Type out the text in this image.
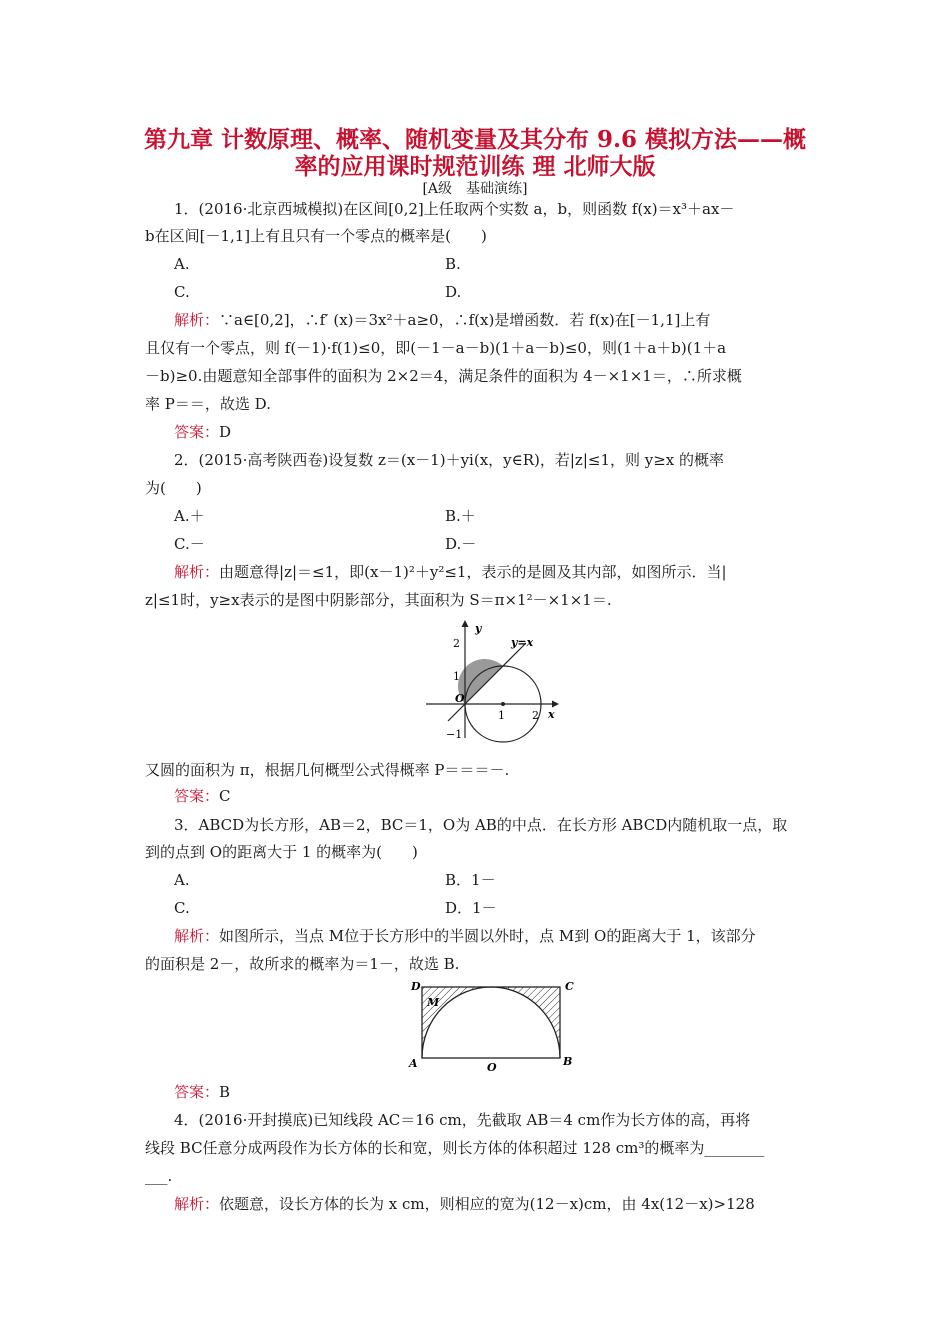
第九章 计数原理、概率、随机变量及其分布 9.6 模拟方法——概
率的应用课时规范训练 理 北师大版

[A级　基础演练]

1．(2016·北京西城模拟)在区间[0,2]上任取两个实数 a，b，则函数 f(x)＝x³＋ax－

b在区间[－1,1]上有且只有一个零点的概率是(　　)

A.	B.

C.	D.

解析：∵a∈[0,2]，∴f′ (x)＝3x²＋a≥0，∴f(x)是增函数．若 f(x)在[－1,1]上有

且仅有一个零点，则 f(－1)·f(1)≤0，即(－1－a－b)(1＋a－b)≤0，则(1＋a＋b)(1＋a

－b)≥0.由题意知全部事件的面积为 2×2＝4，满足条件的面积为 4－×1×1＝，∴所求概

率 P＝＝，故选 D.

答案：D

2．(2015·高考陕西卷)设复数 z＝(x－1)＋yi(x，y∈R)，若|z|≤1，则 y≥x 的概率

为(　　)

A.＋	B.＋

C.－	D.－

解析：由题意得|z|＝≤1，即(x－1)²＋y²≤1，表示的是圆及其内部，如图所示．当|

z|≤1时，y≥x表示的是图中阴影部分，其面积为 S＝π×1²－×1×1＝.

y
y=x
2
1
O
−1
1 2 x

又圆的面积为 π，根据几何概型公式得概率 P＝＝＝－.

答案：C

3．ABCD为长方形，AB＝2，BC＝1，O为 AB的中点．在长方形 ABCD内随机取一点，取

到的点到 O的距离大于 1 的概率为(　　)

A.	B．1－

C.	D．1－

解析：如图所示，当点 M位于长方形中的半圆以外时，点 M到 O的距离大于 1，该部分

的面积是 2－，故所求的概率为＝1－，故选 B.

D	C
M
A	O	B

答案：B

4．(2016·开封摸底)已知线段 AC＝16 cm，先截取 AB＝4 cm作为长方体的高，再将

线段 BC任意分成两段作为长方体的长和宽，则长方体的体积超过 128 cm³的概率为________

___.

解析：依题意，设长方体的长为 x cm，则相应的宽为(12－x)cm，由 4x(12－x)>128
